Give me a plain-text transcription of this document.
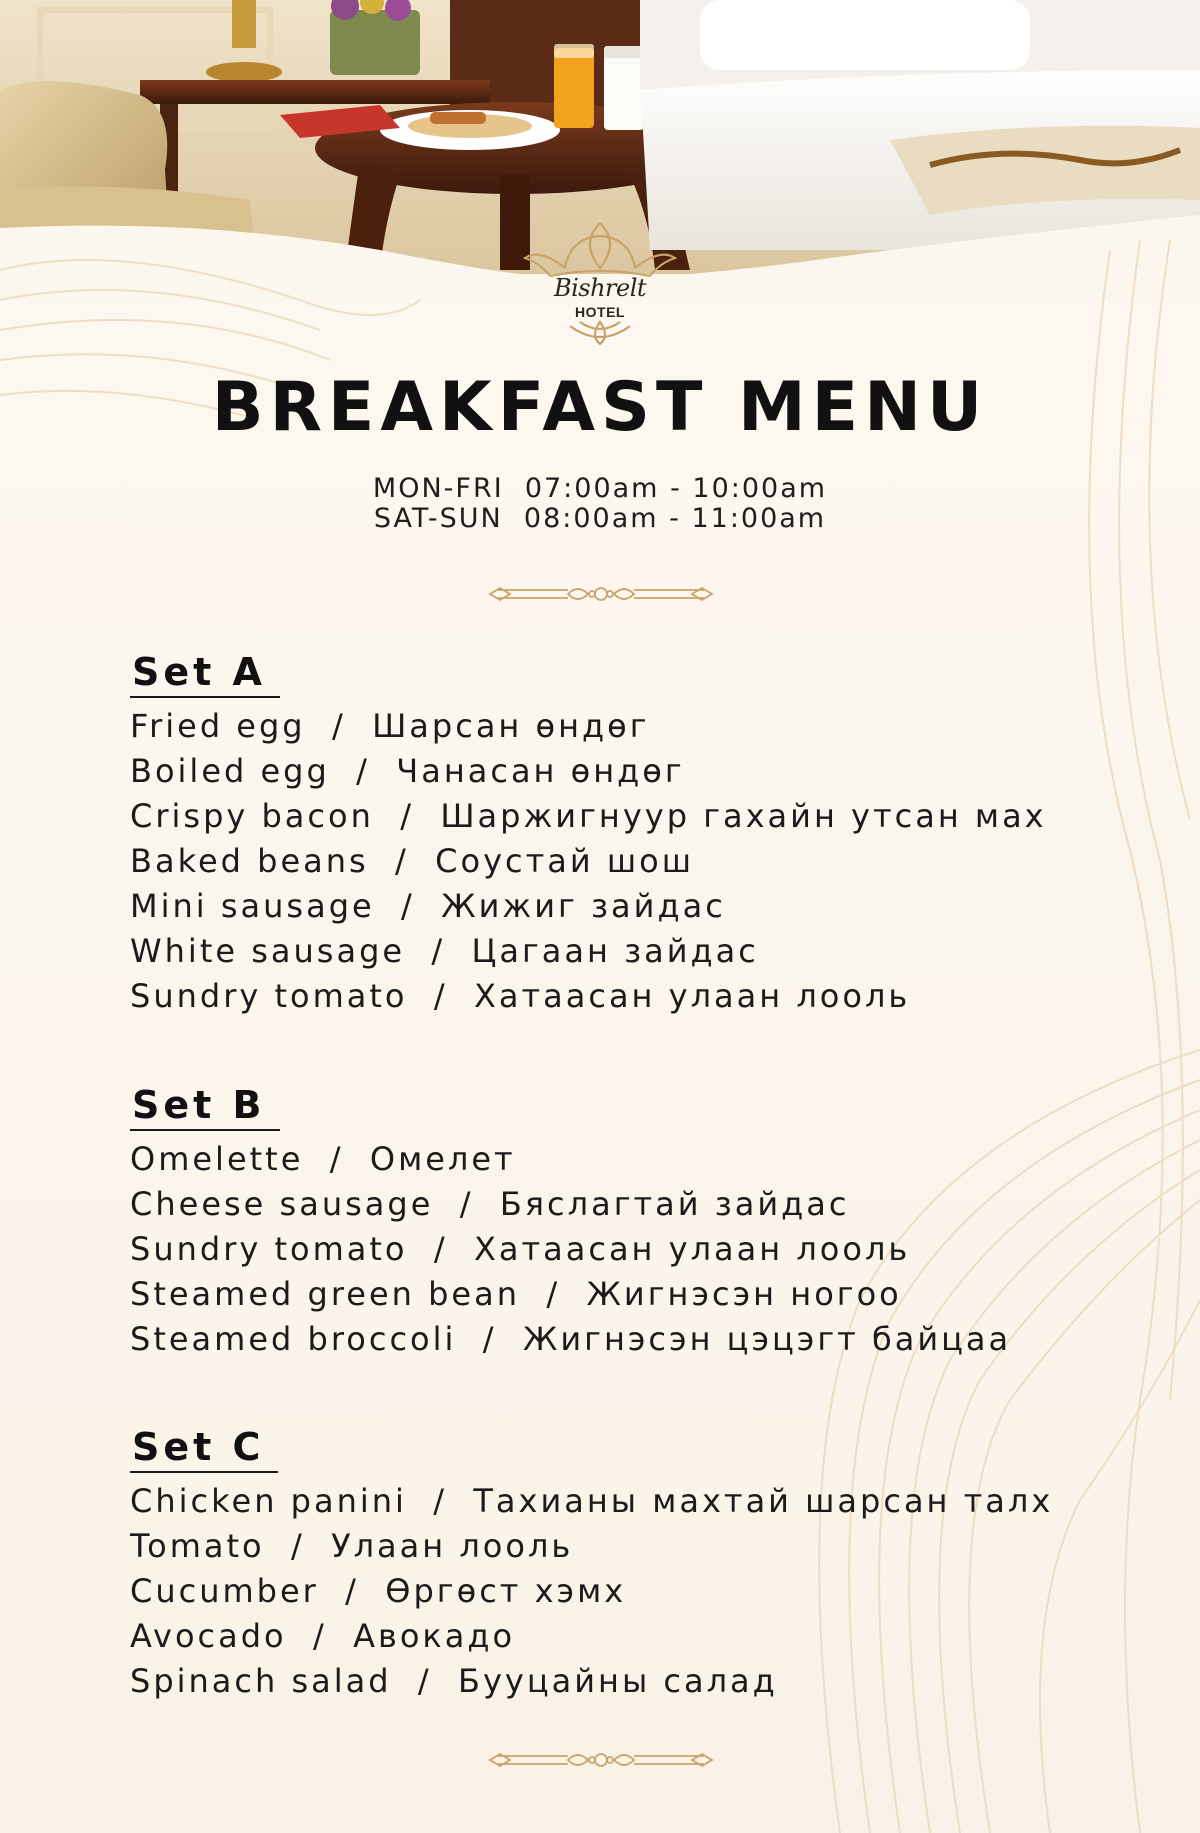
Bishrelt
HOTEL
BREAKFAST MENU
MON-FRI  07:00am - 10:00am
SAT-SUN  08:00am - 11:00am
Set A
Fried egg  /  Шарсан өндөг
Boiled egg  /  Чанасан өндөг
Crispy bacon  /  Шаржигнуур гахайн утсан мах
Baked beans  /  Соустай шош
Mini sausage  /  Жижиг зайдас
White sausage  /  Цагаан зайдас
Sundry tomato  /  Хатаасан улаан лооль
Set B
Omelette  /  Омелет
Cheese sausage  /  Бяслагтай зайдас
Sundry tomato  /  Хатаасан улаан лооль
Steamed green bean  /  Жигнэсэн ногоо
Steamed broccoli  /  Жигнэсэн цэцэгт байцаа
Set C
Chicken panini  /  Тахианы махтай шарсан талх
Tomato  /  Улаан лооль
Cucumber  /  Өргөст хэмх
Avocado  /  Авокадо
Spinach salad  /  Бууцайны салад
